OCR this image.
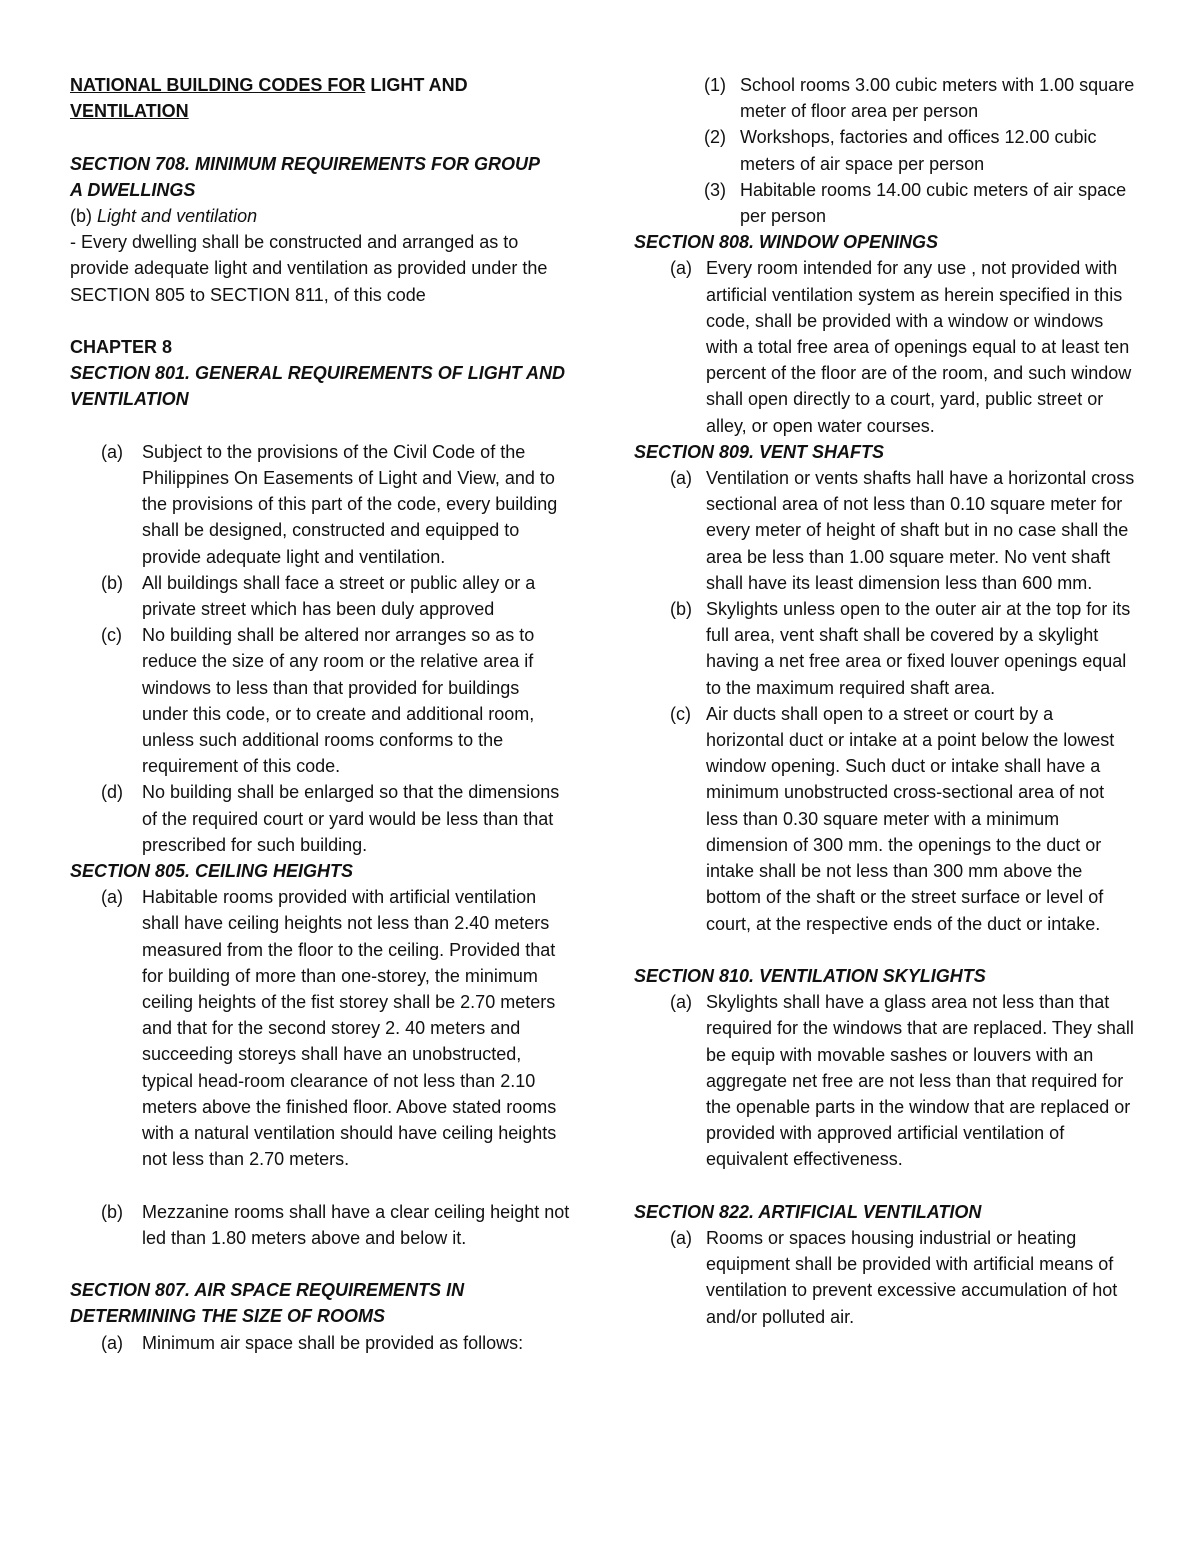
NATIONAL BUILDING CODES FOR LIGHT AND

VENTILATION

SECTION 708. MINIMUM REQUIREMENTS FOR GROUP

A DWELLINGS

(b) Light and ventilation

- Every dwelling shall be constructed and arranged as to provide adequate light and ventilation as provided under the SECTION 805 to SECTION 811, of this code

CHAPTER 8

SECTION 801. GENERAL REQUIREMENTS OF LIGHT AND

VENTILATION

(a)	Subject to the provisions of the Civil Code of the Philippines On Easements of Light and View, and to the provisions of this part of the code, every building shall be designed, constructed and equipped to provide adequate light and ventilation.
(b)	All buildings shall face a street or public alley or a private street which has been duly approved
(c)	No building shall be altered nor arranges so as to reduce the size of any room or the relative area if windows to less than that provided for buildings under this code, or to create and additional room, unless such additional rooms conforms to the requirement of this code.
(d)	No building shall be enlarged so that the dimensions of the required court or yard would be less than that prescribed for such building.

SECTION 805. CEILING HEIGHTS

(a)	Habitable rooms provided with artificial ventilation shall have ceiling heights not less than 2.40 meters measured from the floor to the ceiling. Provided that for building of more than one-storey, the minimum ceiling heights of the fist storey shall be 2.70 meters and that for the second storey 2. 40 meters and succeeding storeys shall have an unobstructed, typical head-room clearance of not less than 2.10 meters above the finished floor. Above stated rooms with a natural ventilation should have ceiling heights not less than 2.70 meters.
(b)	Mezzanine rooms shall have a clear ceiling height not led than 1.80 meters above and below it.

SECTION 807. AIR SPACE REQUIREMENTS IN

DETERMINING THE SIZE OF ROOMS

(a)	Minimum air space shall be provided as follows:
(1) School rooms 3.00 cubic meters with 1.00 square meter of floor area per person
(2) Workshops, factories and offices 12.00 cubic meters of air space per person
(3) Habitable rooms 14.00 cubic meters of air space per person

SECTION 808. WINDOW OPENINGS

(a) Every room intended for any use , not provided with artificial ventilation system as herein specified in this code, shall be provided with a window or windows with a total free area of openings equal to at least ten percent of the floor are of the room, and such window shall open directly to a court, yard, public street or alley, or open water courses.

SECTION 809. VENT SHAFTS

(a) Ventilation or vents shafts hall have a horizontal cross sectional area of not less than 0.10 square meter for every meter of height of shaft but in no case shall the area be less than 1.00 square meter. No vent shaft shall have its least dimension less than 600 mm.
(b) Skylights unless open to the outer air at the top for its full area, vent shaft shall be covered by a skylight having a net free area or fixed louver openings equal to the maximum required shaft area.
(c) Air ducts shall open to a street or court by a horizontal duct or intake at a point below the lowest window opening. Such duct or intake shall have a minimum unobstructed cross-sectional area of not less than 0.30 square meter with a minimum dimension of 300 mm. the openings to the duct or intake shall be not less than 300 mm above the bottom of the shaft or the street surface or level of court, at the respective ends of the duct or intake.

SECTION 810. VENTILATION SKYLIGHTS

(a) Skylights shall have a glass area not less than that required for the windows that are replaced. They shall be equip with movable sashes or louvers with an aggregate net free are not less than that required for the openable parts in the window that are replaced or provided with approved artificial ventilation of equivalent effectiveness.

SECTION 822. ARTIFICIAL VENTILATION

(a) Rooms or spaces housing industrial or heating equipment shall be provided with artificial means of ventilation to prevent excessive accumulation of hot and/or polluted air.
